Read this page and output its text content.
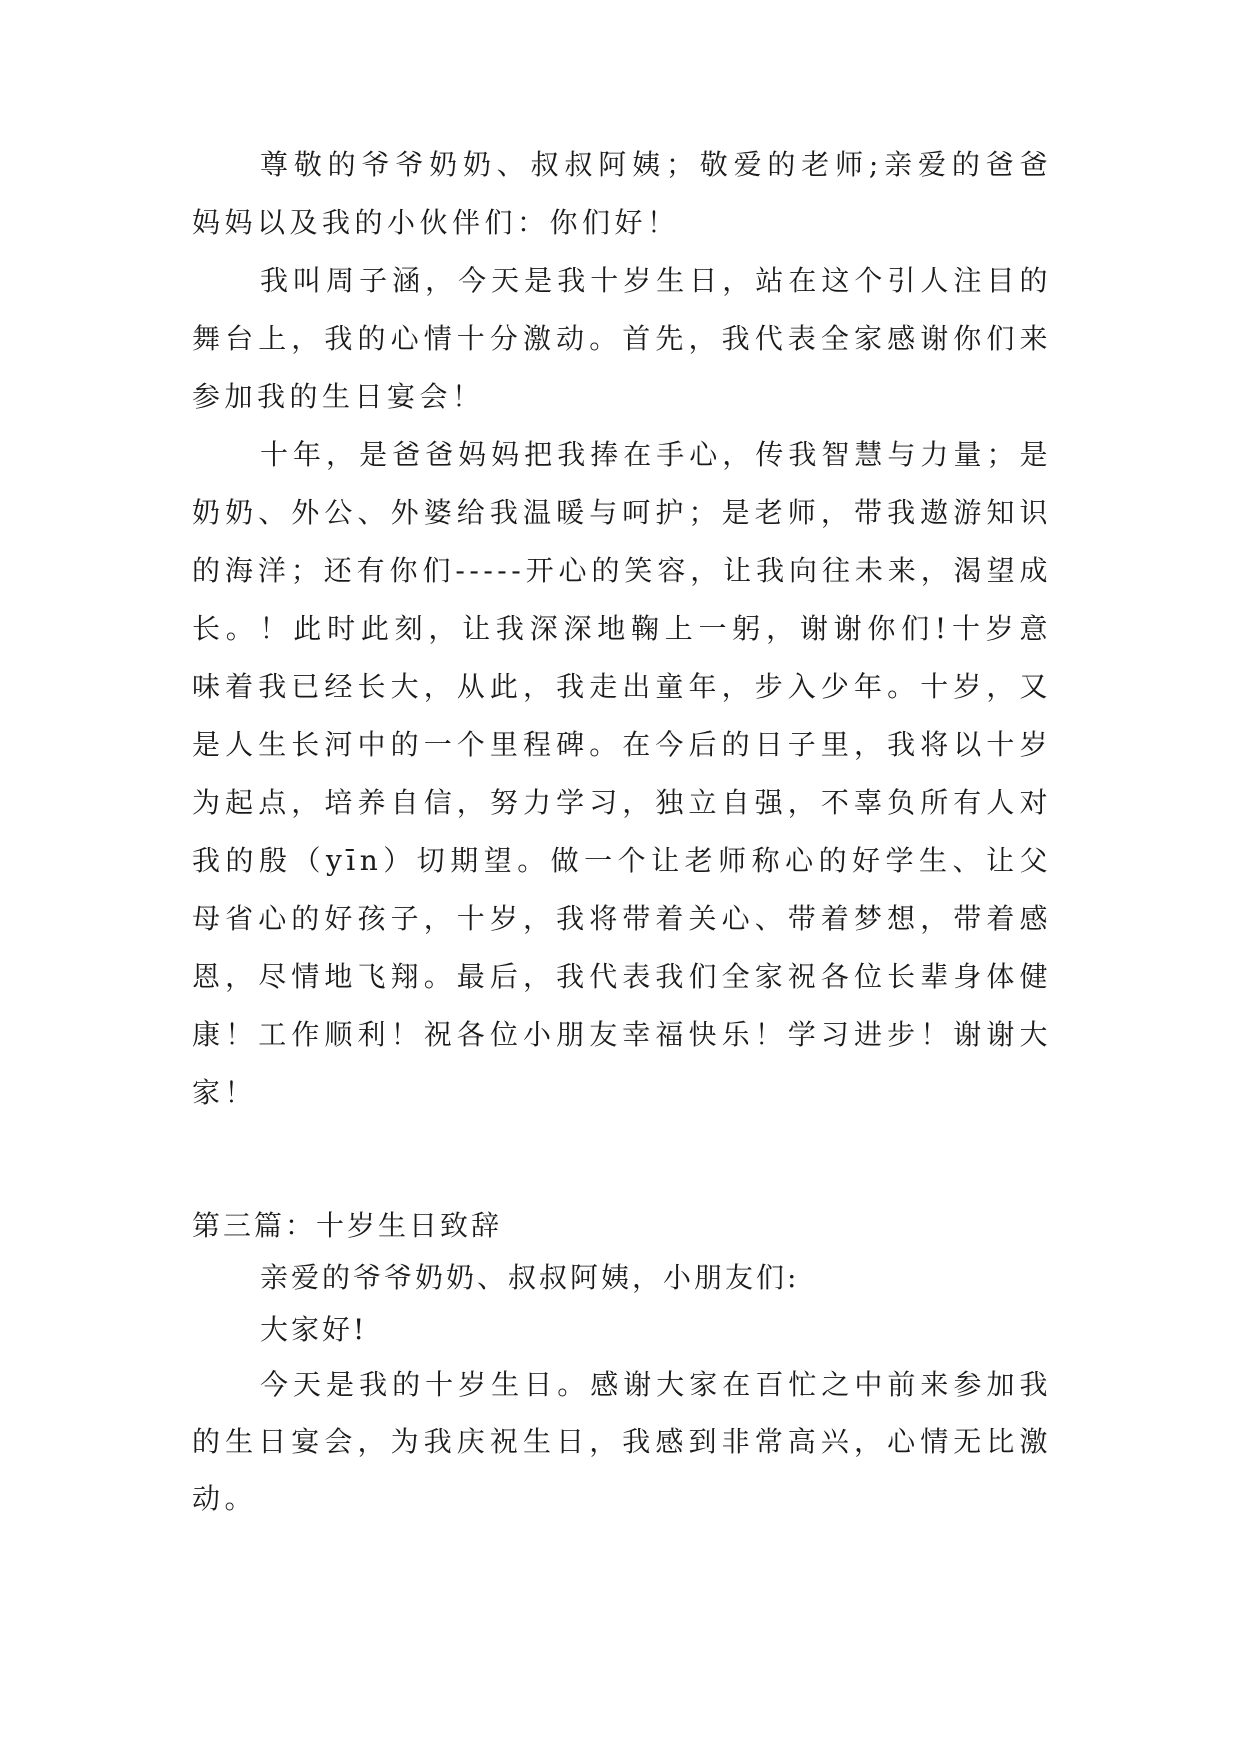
尊敬的爷爷奶奶、叔叔阿姨；敬爱的老师;亲爱的爸爸妈妈以及我的小伙伴们：你们好！

我叫周子涵，今天是我十岁生日，站在这个引人注目的舞台上，我的心情十分激动。首先，我代表全家感谢你们来参加我的生日宴会！

十年，是爸爸妈妈把我捧在手心，传我智慧与力量；是奶奶、外公、外婆给我温暖与呵护；是老师，带我遨游知识的海洋；还有你们-----开心的笑容，让我向往未来，渴望成长。！此时此刻，让我深深地鞠上一躬，谢谢你们!十岁意味着我已经长大，从此，我走出童年，步入少年。十岁，又是人生长河中的一个里程碑。在今后的日子里，我将以十岁为起点，培养自信，努力学习，独立自强，不辜负所有人对我的殷（yīn）切期望。做一个让老师称心的好学生、让父母省心的好孩子，十岁，我将带着关心、带着梦想，带着感恩，尽情地飞翔。最后，我代表我们全家祝各位长辈身体健康！工作顺利！祝各位小朋友幸福快乐！学习进步！谢谢大家！

第三篇：十岁生日致辞

亲爱的爷爷奶奶、叔叔阿姨，小朋友们:

大家好!

今天是我的十岁生日。感谢大家在百忙之中前来参加我的生日宴会，为我庆祝生日，我感到非常高兴，心情无比激动。
